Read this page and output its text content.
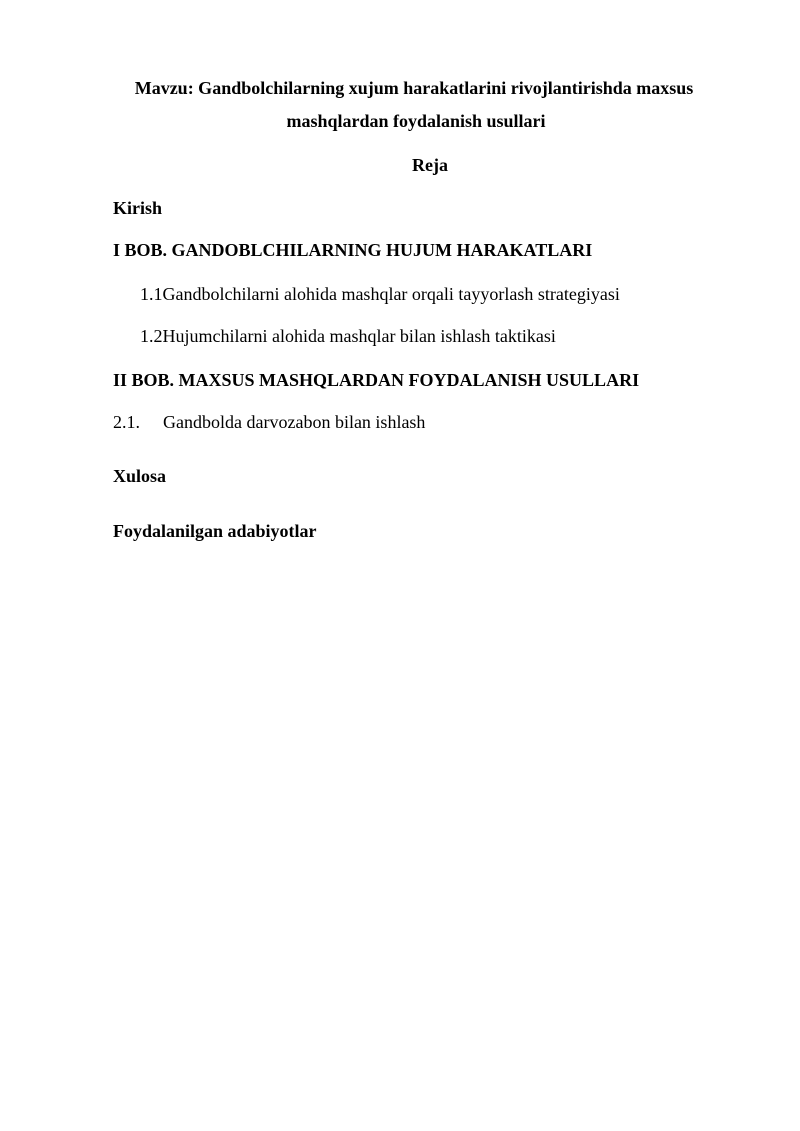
Mavzu: Gandbolchilarning xujum harakatlarini rivojlantirishda maxsus
mashqlardan foydalanish usullari
Reja
Kirish
I BOB. GANDOBLCHILARNING HUJUM HARAKATLARI
1.1Gandbolchilarni alohida mashqlar orqali tayyorlash strategiyasi
1.2Hujumchilarni alohida mashqlar bilan ishlash taktikasi
II BOB. MAXSUS MASHQLARDAN FOYDALANISH USULLARI
2.1. Gandbolda darvozabon bilan ishlash
Xulosa
Foydalanilgan adabiyotlar
